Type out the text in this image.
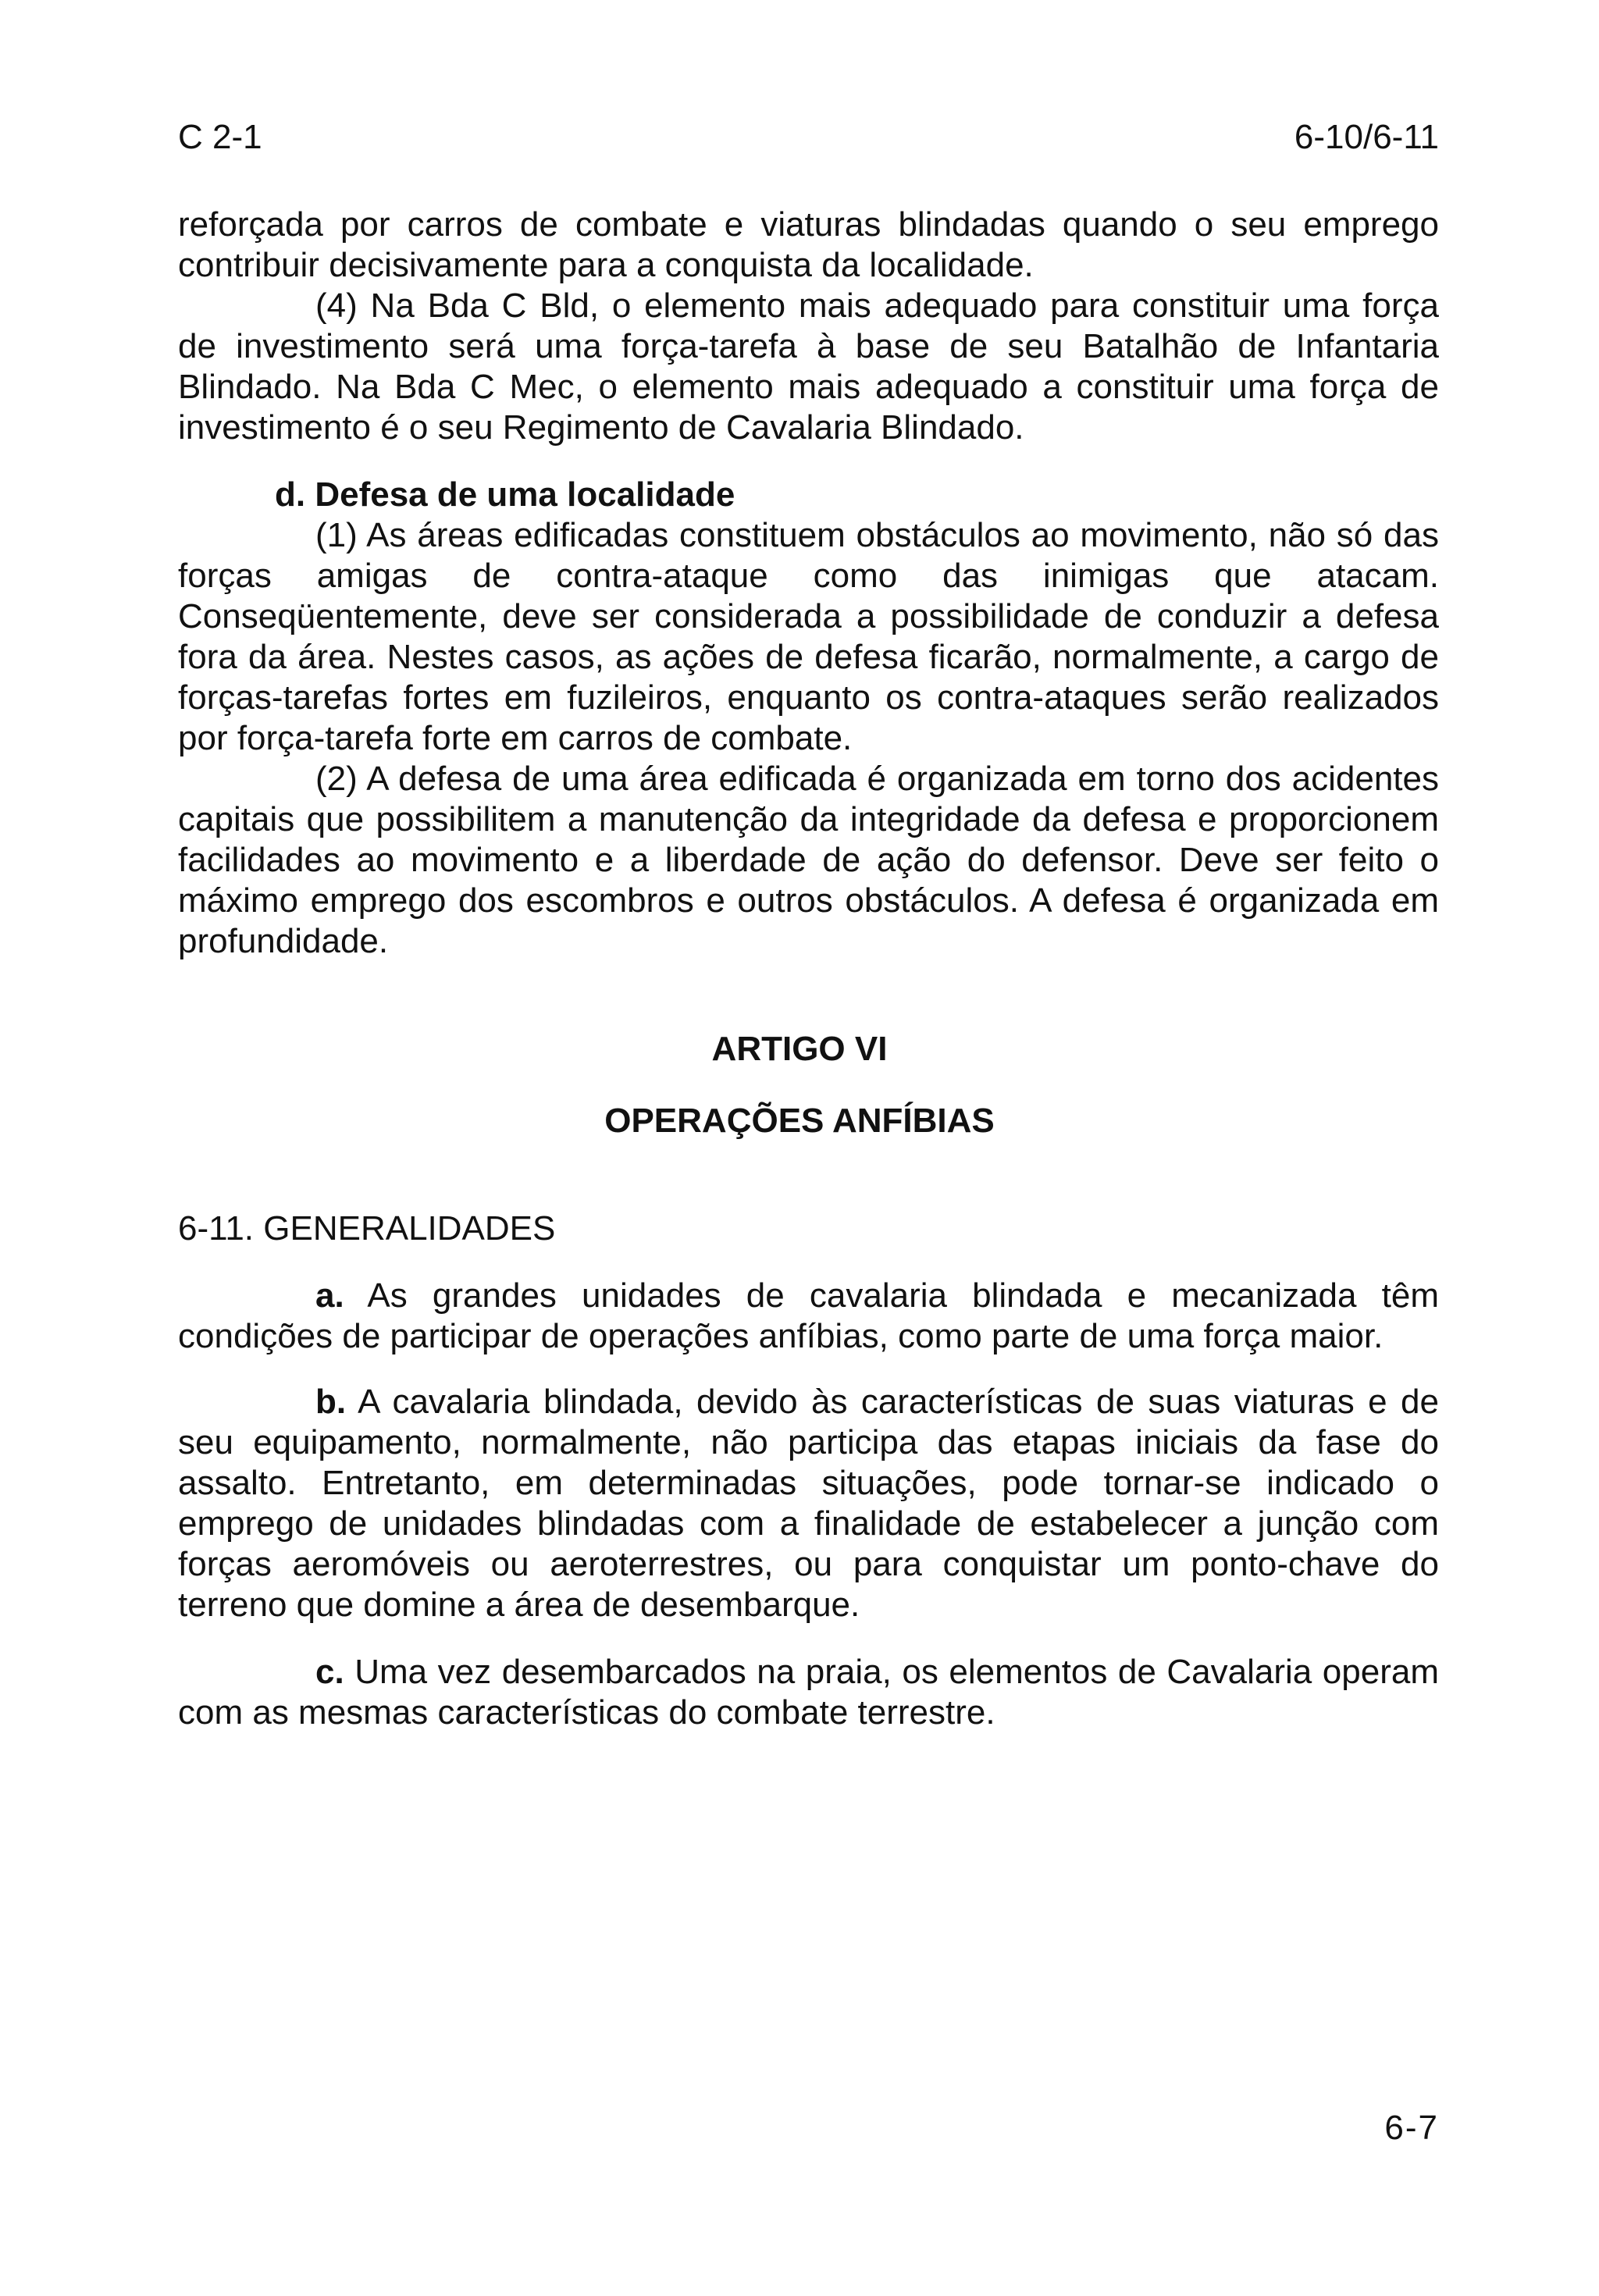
C 2-1	6-10/6-11

reforçada por carros de combate e viaturas blindadas quando o seu emprego contribuir decisivamente para a conquista da localidade.

(4) Na Bda C Bld, o elemento mais adequado para constituir uma força de investimento será uma força-tarefa à base de seu Batalhão de Infantaria Blindado. Na Bda C Mec, o elemento mais adequado a constituir uma força de investimento é o seu Regimento de Cavalaria Blindado.

d. Defesa de uma localidade

(1) As áreas edificadas constituem obstáculos ao movimento, não só das forças amigas de contra-ataque como das inimigas que atacam. Conseqüentemente, deve ser considerada a possibilidade de conduzir a defesa fora da área. Nestes casos, as ações de defesa ficarão, normalmente, a cargo de forças-tarefas fortes em fuzileiros, enquanto os contra-ataques serão realizados por força-tarefa forte em carros de combate.

(2) A defesa de uma área edificada é organizada em torno dos acidentes capitais que possibilitem a manutenção da integridade da defesa e proporcionem facilidades ao movimento e a liberdade de ação do defensor. Deve ser feito o máximo emprego dos escombros e outros obstáculos. A defesa é organizada em profundidade.

ARTIGO VI
OPERAÇÕES ANFÍBIAS
6-11. GENERALIDADES

a. As grandes unidades de cavalaria blindada e mecanizada têm condições de participar de operações anfíbias, como parte de uma força maior.

b. A cavalaria blindada, devido às características de suas viaturas e de seu equipamento, normalmente, não participa das etapas iniciais da fase do assalto. Entretanto, em determinadas situações, pode tornar-se indicado o emprego de unidades blindadas com a finalidade de estabelecer a junção com forças aeromóveis ou aeroterrestres, ou para conquistar um ponto-chave do terreno que domine a área de desembarque.

c. Uma vez desembarcados na praia, os elementos de Cavalaria operam com as mesmas características do combate terrestre.

6-7
